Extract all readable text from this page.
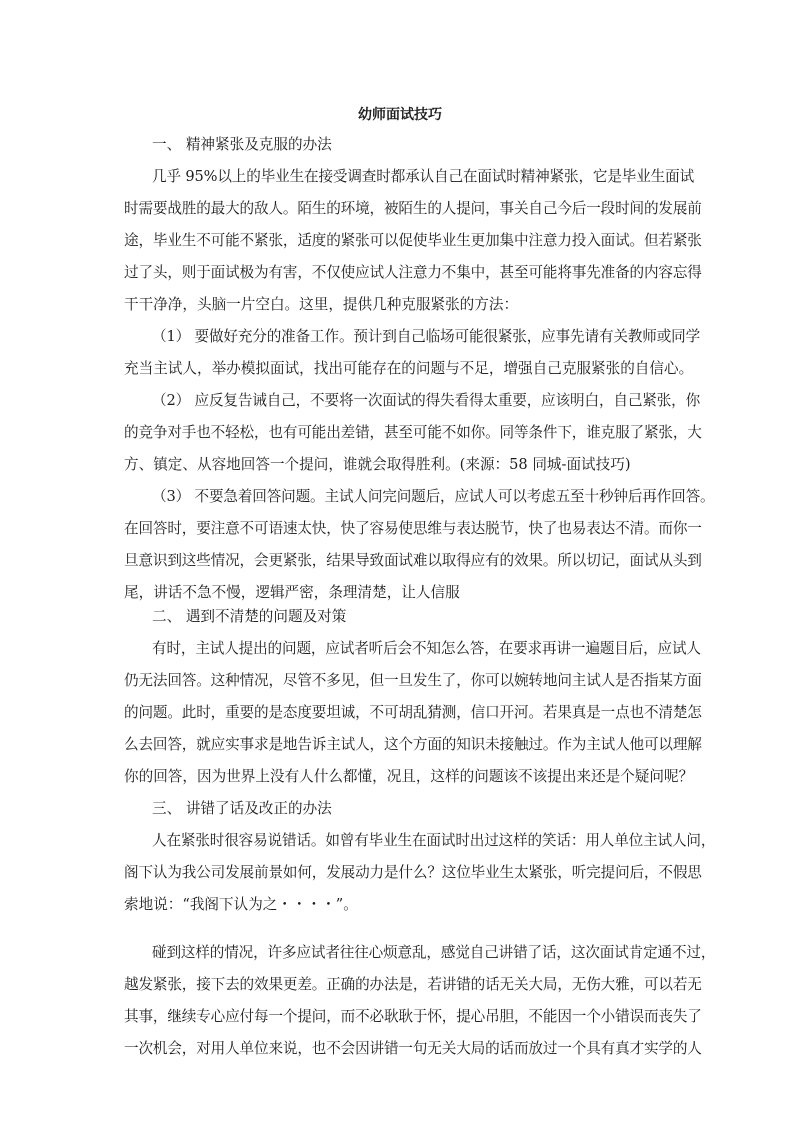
幼师面试技巧
一、 精神紧张及克服的办法
几乎 95%以上的毕业生在接受调查时都承认自己在面试时精神紧张，它是毕业生面试
时需要战胜的最大的敌人。陌生的环境，被陌生的人提问，事关自己今后一段时间的发展前
途，毕业生不可能不紧张，适度的紧张可以促使毕业生更加集中注意力投入面试。但若紧张
过了头，则于面试极为有害，不仅使应试人注意力不集中，甚至可能将事先准备的内容忘得
干干净净，头脑一片空白。这里，提供几种克服紧张的方法：
（1） 要做好充分的准备工作。预计到自己临场可能很紧张，应事先请有关教师或同学
充当主试人，举办模拟面试，找出可能存在的问题与不足，增强自己克服紧张的自信心。
（2） 应反复告诫自己，不要将一次面试的得失看得太重要，应该明白，自己紧张，你
的竞争对手也不轻松，也有可能出差错，甚至可能不如你。同等条件下，谁克服了紧张，大
方、镇定、从容地回答一个提问，谁就会取得胜利。(来源：58 同城-面试技巧)
（3） 不要急着回答问题。主试人问完问题后，应试人可以考虑五至十秒钟后再作回答。
在回答时，要注意不可语速太快，快了容易使思维与表达脱节，快了也易表达不清。而你一
旦意识到这些情况，会更紧张，结果导致面试难以取得应有的效果。所以切记，面试从头到
尾，讲话不急不慢，逻辑严密，条理清楚，让人信服
二、 遇到不清楚的问题及对策
有时，主试人提出的问题，应试者听后会不知怎么答，在要求再讲一遍题目后，应试人
仍无法回答。这种情况，尽管不多见，但一旦发生了，你可以婉转地问主试人是否指某方面
的问题。此时，重要的是态度要坦诚，不可胡乱猜测，信口开河。若果真是一点也不清楚怎
么去回答，就应实事求是地告诉主试人，这个方面的知识未接触过。作为主试人他可以理解
你的回答，因为世界上没有人什么都懂，况且，这样的问题该不该提出来还是个疑问呢？
三、 讲错了话及改正的办法
人在紧张时很容易说错话。如曾有毕业生在面试时出过这样的笑话：用人单位主试人问，
阁下认为我公司发展前景如何，发展动力是什么？这位毕业生太紧张，听完提问后，不假思
索地说：“我阁下认为之・・・・”。
碰到这样的情况，许多应试者往往心烦意乱，感觉自己讲错了话，这次面试肯定通不过，
越发紧张，接下去的效果更差。正确的办法是，若讲错的话无关大局，无伤大雅，可以若无
其事，继续专心应付每一个提问，而不必耿耿于怀，提心吊胆，不能因一个小错误而丧失了
一次机会，对用人单位来说，也不会因讲错一句无关大局的话而放过一个具有真才实学的人
